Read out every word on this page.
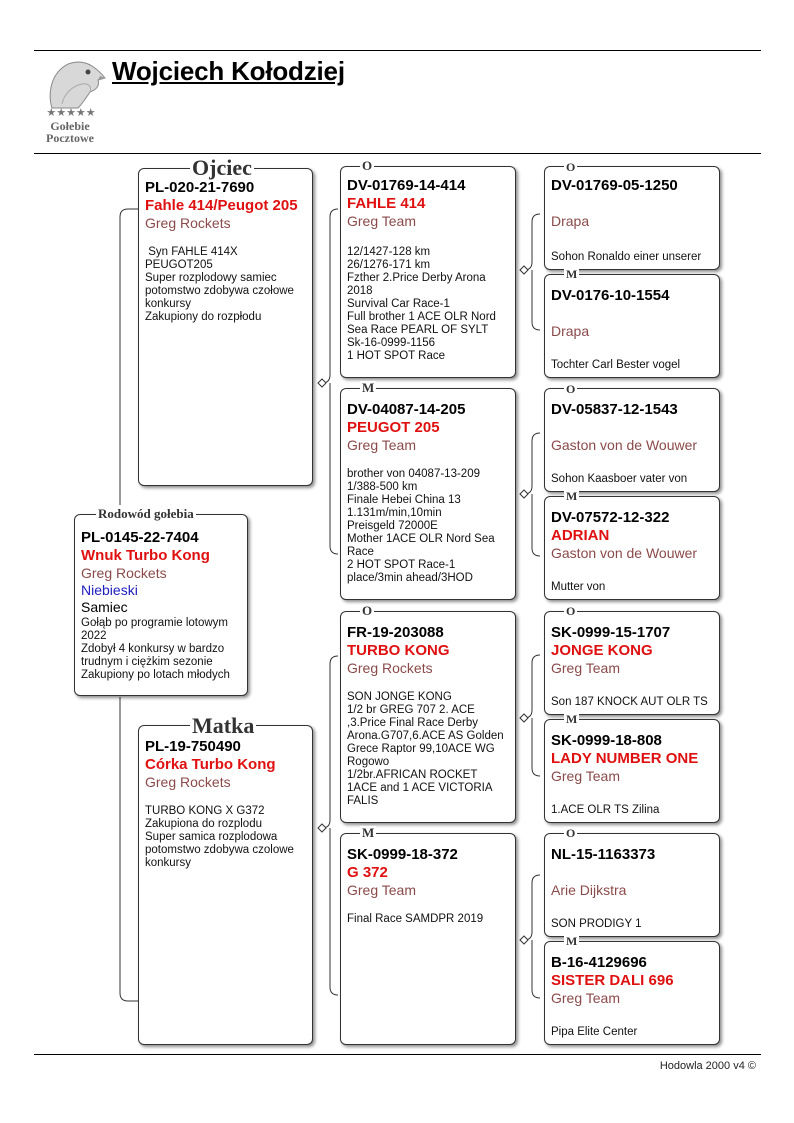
★★★★★
Gołebie
Pocztowe
Wojciech Kołodziej
Hodowla 2000 v4 ©
PL-0145-22-7404
Wnuk Turbo Kong
Greg Rockets
Niebieski
Samiec
Gołąb po programie lotowym
2022
Zdobył 4 konkursy w bardzo
trudnym i ciężkim sezonie
Zakupiony po lotach młodych
Rodowód gołebia
PL-020-21-7690
Fahle 414/Peugot 205
Greg Rockets
Syn FAHLE 414X
PEUGOT205
Super rozplodowy samiec
potomstwo zdobywa czołowe
konkursy
Zakupiony do rozpłodu
Ojciec
PL-19-750490
Córka Turbo Kong
Greg Rockets
TURBO KONG X G372
Zakupiona do rozplodu
Super samica rozplodowa
potomstwo zdobywa czolowe
konkursy
Matka
DV-01769-14-414
FAHLE 414
Greg Team
12/1427-128 km
26/1276-171 km
Fzther 2.Price Derby Arona
2018
Survival Car Race-1
Full brother 1 ACE OLR Nord
Sea Race PEARL OF SYLT
Sk-16-0999-1156
1 HOT SPOT Race
O
DV-04087-14-205
PEUGOT 205
Greg Team
brother von 04087-13-209
1/388-500 km
Finale Hebei China 13
1.131m/min,10min
Preisgeld 72000E
Mother 1ACE OLR Nord Sea
Race
2 HOT SPOT Race-1
place/3min ahead/3HOD
M
FR-19-203088
TURBO KONG
Greg Rockets
SON JONGE KONG
1/2 br GREG 707 2. ACE
,3.Price Final Race Derby
Arona.G707,6.ACE AS Golden
Grece Raptor 99,10ACE WG
Rogowo
1/2br.AFRICAN ROCKET
1ACE and 1 ACE VICTORIA
FALIS
O
SK-0999-18-372
G 372
Greg Team
Final Race SAMDPR 2019
M
DV-01769-05-1250
Drapa
Sohon Ronaldo einer unserer
O
DV-0176-10-1554
Drapa
Tochter Carl Bester vogel
M
DV-05837-12-1543
Gaston von de Wouwer
Sohon Kaasboer vater von
O
DV-07572-12-322
ADRIAN
Gaston von de Wouwer
Mutter von
M
SK-0999-15-1707
JONGE KONG
Greg Team
Son 187 KNOCK AUT OLR TS
O
SK-0999-18-808
LADY NUMBER ONE
Greg Team
1.ACE OLR TS Zilina
M
NL-15-1163373
Arie Dijkstra
SON PRODIGY 1
O
B-16-4129696
SISTER DALI 696
Greg Team
Pipa Elite Center
M
